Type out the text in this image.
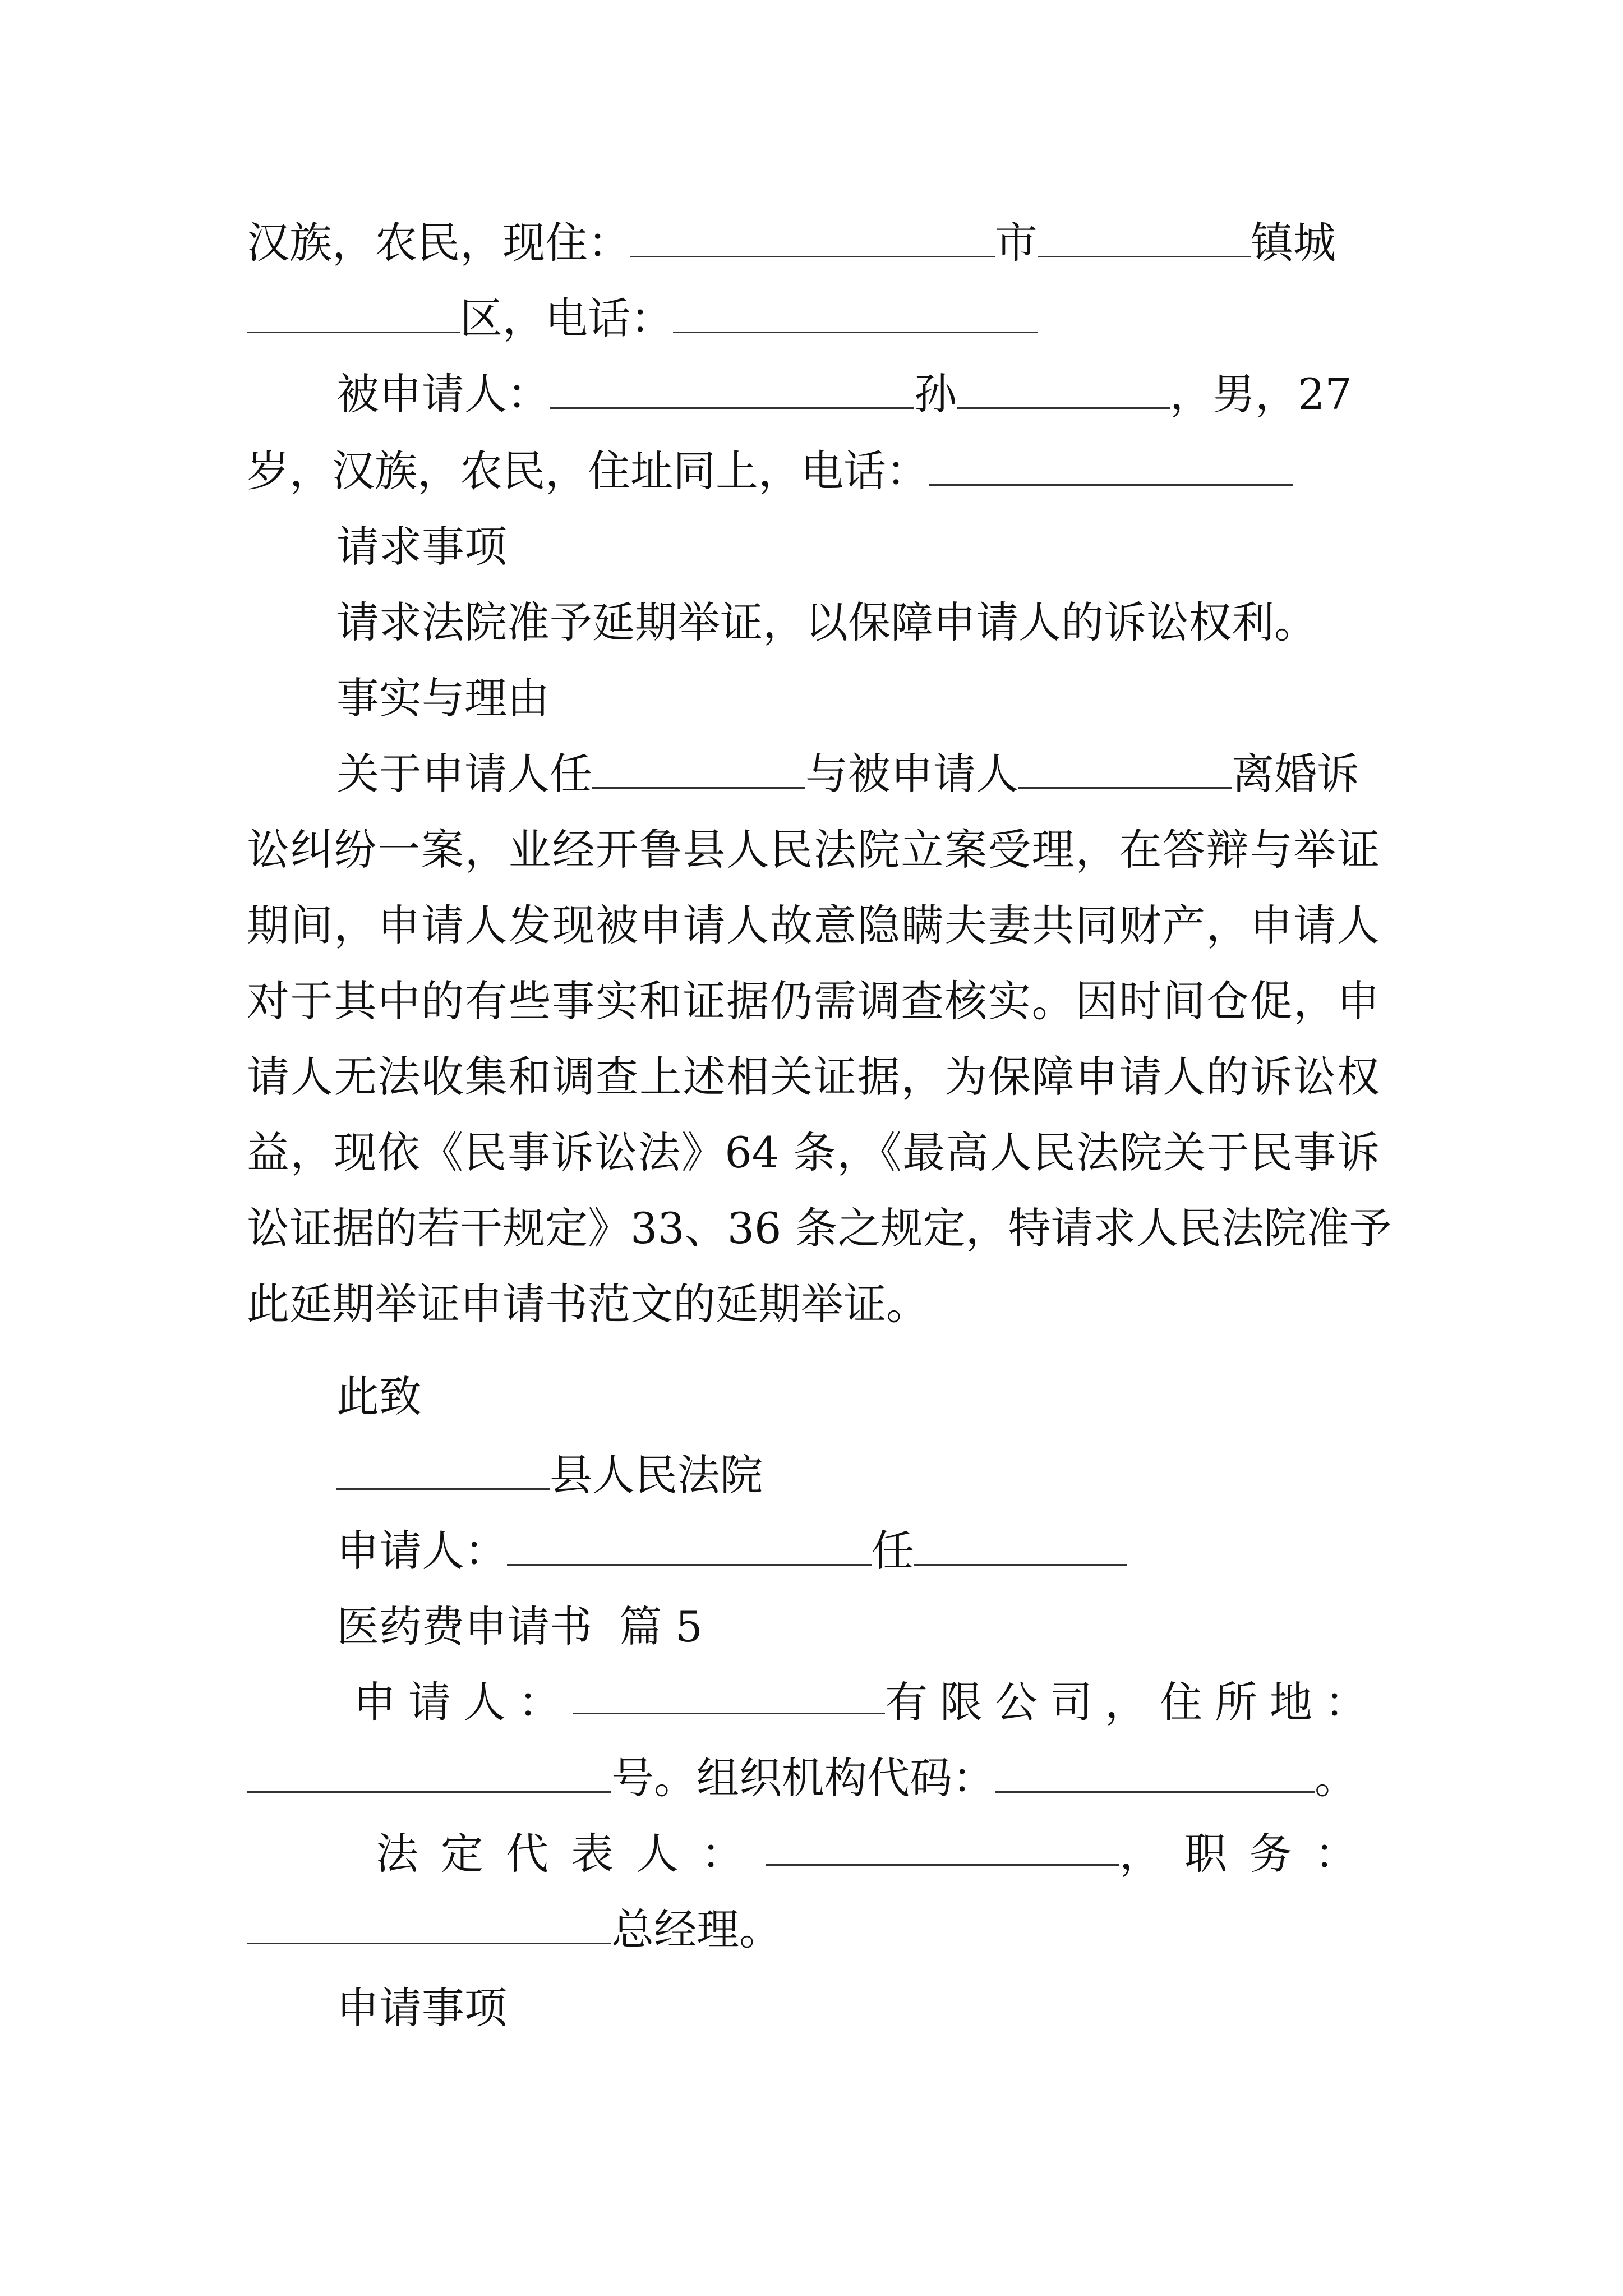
汉族，农民，现住：	市	镇城
区，电话：
被申请人：	孙	，男，27
岁，汉族，农民，住址同上，电话：
请求事项
请求法院准予延期举证，以保障申请人的诉讼权利。
事实与理由
关于申请人任	与被申请人	离婚诉
讼纠纷一案，业经开鲁县人民法院立案受理，在答辩与举证
期间，申请人发现被申请人故意隐瞒夫妻共同财产，申请人
对于其中的有些事实和证据仍需调查核实。因时间仓促，申
请人无法收集和调查上述相关证据，为保障申请人的诉讼权
益，现依《民事诉讼法》64 条，《最高人民法院关于民事诉
讼证据的若干规定》33、36 条之规定，特请求人民法院准予
此延期举证申请书范文的延期举证。
此致
县人民法院
申请人：	任
医药费申请书  篇 5
申请人：	有限公司，住所地：
号。组织机构代码：	。
法定代表人：	，职务：
总经理。
申请事项
